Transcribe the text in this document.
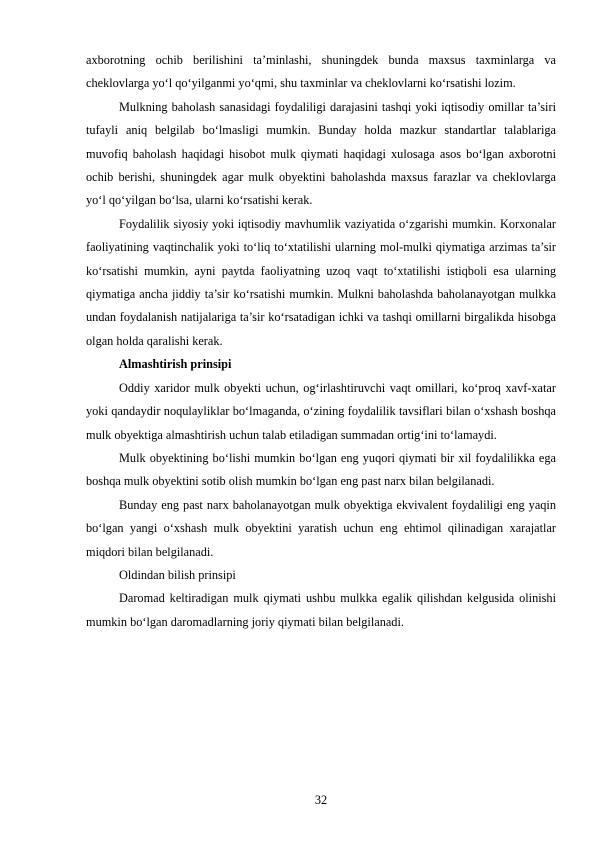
axborotning ochib berilishini ta’minlashi, shuningdek bunda maxsus taxminlarga va cheklovlarga yo‘l qo‘yilganmi yo‘qmi, shu taxminlar va cheklovlarni ko‘rsatishi lozim.

Mulkning baholash sanasidagi foydaliligi darajasini tashqi yoki iqtisodiy omillar ta’siri tufayli aniq belgilab bo‘lmasligi mumkin. Bunday holda mazkur standartlar talablariga muvofiq baholash haqidagi hisobot mulk qiymati haqidagi xulosaga asos bo‘lgan axborotni ochib berishi, shuningdek agar mulk obyektini baholashda maxsus farazlar va cheklovlarga yo‘l qo‘yilgan bo‘lsa, ularni ko‘rsatishi kerak.

Foydalilik siyosiy yoki iqtisodiy mavhumlik vaziyatida o‘zgarishi mumkin. Korxonalar faoliyatining vaqtinchalik yoki to‘liq to‘xtatilishi ularning mol-mulki qiymatiga arzimas ta’sir ko‘rsatishi mumkin, ayni paytda faoliyatning uzoq vaqt to‘xtatilishi istiqboli esa ularning qiymatiga ancha jiddiy ta’sir ko‘rsatishi mumkin. Mulkni baholashda baholanayotgan mulkka undan foydalanish natijalariga ta’sir ko‘rsatadigan ichki va tashqi omillarni birgalikda hisobga olgan holda qaralishi kerak.

Almashtirish prinsipi

Oddiy xaridor mulk obyekti uchun, og‘irlashtiruvchi vaqt omillari, ko‘proq xavf-xatar yoki qandaydir noqulayliklar bo‘lmaganda, o‘zining foydalilik tavsiflari bilan o‘xshash boshqa mulk obyektiga almashtirish uchun talab etiladigan summadan ortig‘ini to‘lamaydi.

Mulk obyektining bo‘lishi mumkin bo‘lgan eng yuqori qiymati bir xil foydalilikka ega boshqa mulk obyektini sotib olish mumkin bo‘lgan eng past narx bilan belgilanadi.

Bunday eng past narx baholanayotgan mulk obyektiga ekvivalent foydaliligi eng yaqin bo‘lgan yangi o‘xshash mulk obyektini yaratish uchun eng ehtimol qilinadigan xarajatlar miqdori bilan belgilanadi.

Oldindan bilish prinsipi

Daromad keltiradigan mulk qiymati ushbu mulkka egalik qilishdan kelgusida olinishi mumkin bo‘lgan daromadlarning joriy qiymati bilan belgilanadi.

32
